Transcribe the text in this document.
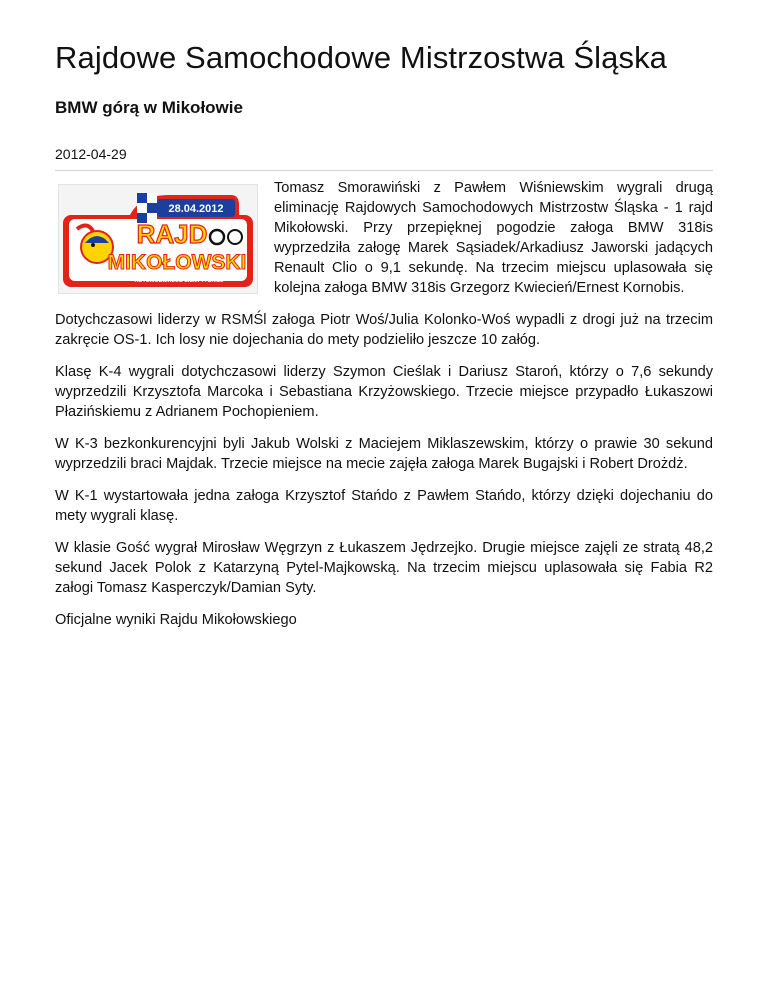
Rajdowe Samochodowe Mistrzostwa Śląska
BMW górą w Mikołowie
2012-04-29
28.04.2012
RAJD
MIKOŁOWSKI
AUTOMOBILKLUB ZIEMI TYSKIEJ

Tomasz Smorawiński z Pawłem Wiśniewskim wygrali drugą eliminację Rajdowych Samochodowych Mistrzostw Śląska - 1 rajd Mikołowski. Przy przepięknej pogodzie załoga BMW 318is wyprzedziła załogę Marek Sąsiadek/Arkadiusz Jaworski jadących Renault Clio o 9,1 sekundę. Na trzecim miejscu uplasowała się kolejna załoga BMW 318is Grzegorz Kwiecień/Ernest Kornobis.

Dotychczasowi liderzy w RSMŚl załoga Piotr Woś/Julia Kolonko-Woś wypadli z drogi już na trzecim zakręcie OS-1. Ich losy nie dojechania do mety podzieliło jeszcze 10 załóg.

Klasę K-4 wygrali dotychczasowi liderzy Szymon Cieślak i Dariusz Staroń, którzy o 7,6 sekundy wyprzedzili Krzysztofa Marcoka i Sebastiana Krzyżowskiego. Trzecie miejsce przypadło Łukaszowi Płazińskiemu z Adrianem Pochopieniem.

W K-3 bezkonkurencyjni byli Jakub Wolski z Maciejem Miklaszewskim, którzy o prawie 30 sekund wyprzedzili braci Majdak. Trzecie miejsce na mecie zajęła załoga Marek Bugajski i Robert Drożdż.

W K-1 wystartowała jedna załoga Krzysztof Stańdo z Pawłem Stańdo, którzy dzięki dojechaniu do mety wygrali klasę.

W klasie Gość wygrał Mirosław Węgrzyn z Łukaszem Jędrzejko. Drugie miejsce zajęli ze stratą 48,2 sekund Jacek Polok z Katarzyną Pytel-Majkowską. Na trzecim miejscu uplasowała się Fabia R2 załogi Tomasz Kasperczyk/Damian Syty.

Oficjalne wyniki Rajdu Mikołowskiego
